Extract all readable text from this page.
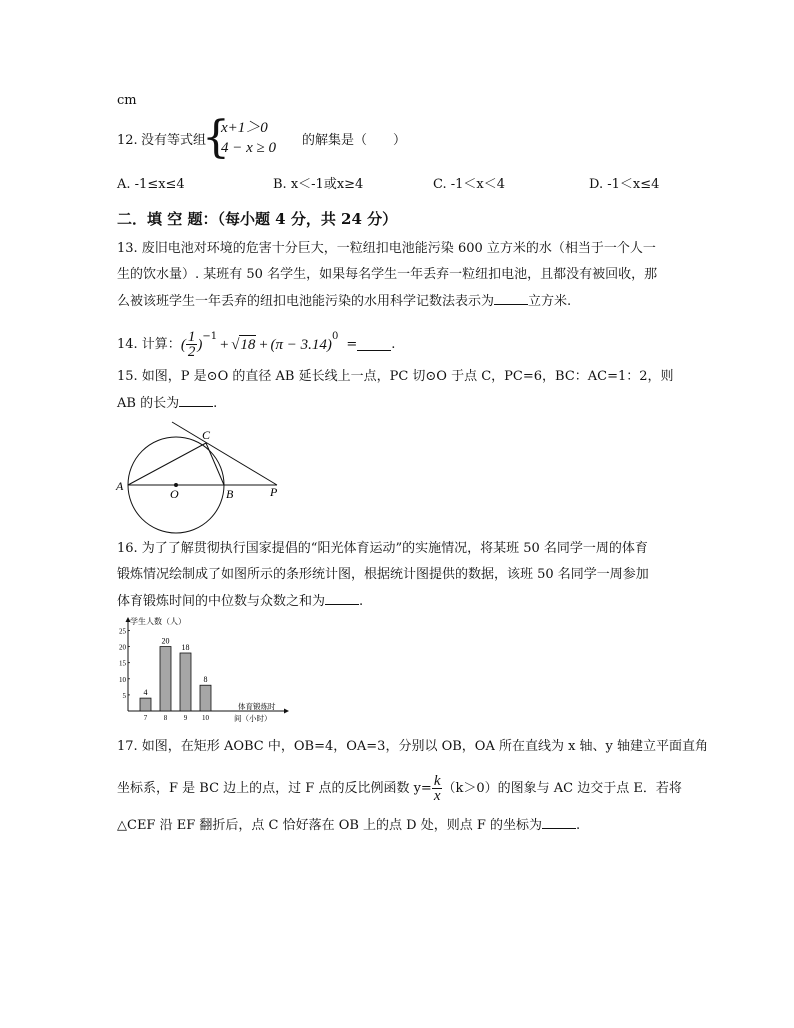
cm
12. 没有等式组
{
x+1＞0
4 − x ≥ 0 的解集是（　　）
A. -1≤x≤4	B. x＜-1或x≥4	C. -1＜x＜4	D. -1＜x≤4
二．填 空 题：（每小题 4 分，共 24 分）
13. 废旧电池对环境的危害十分巨大，一粒纽扣电池能污染 600 立方米的水（相当于一个人一
生的饮水量）. 某班有 50 名学生，如果每名学生一年丢弃一粒纽扣电池，且都没有被回收，那
么被该班学生一年丢弃的纽扣电池能污染的水用科学记数法表示为	立方米.
14. 计算： ( $\frac{1}{2}$ )
−1
+ √ 18 + (π − 3.14)
0
=	.
15. 如图，P 是⊙O 的直径 AB 延长线上一点，PC 切⊙O 于点 C，PC=6，BC：AC=1：2，则
AB 的长为	.
A
O	B
C
P
16. 为了了解贯彻执行国家提倡的“阳光体育运动”的实施情况，将某班 50 名同学一周的体育
锻炼情况绘制成了如图所示的条形统计图，根据统计图提供的数据，该班 50 名同学一周参加
体育锻炼时间的中位数与众数之和为	.
5
10
15
20
25
学生人数（人）
4
7
20
8
18
9
8
10
体育锻炼时
间（小时）
17. 如图，在矩形 AOBC 中，OB=4，OA=3，分别以 OB，OA 所在直线为 x 轴、y 轴建立平面直角
坐标系，F 是 BC 边上的点，过 F 点的反比例函数 $y= \frac{k}{x} (k>0)$的图象与 AC 边交于点 E．若将
△CEF 沿 EF 翻折后，点 C 恰好落在 OB 上的点 D 处，则点 F 的坐标为	.
